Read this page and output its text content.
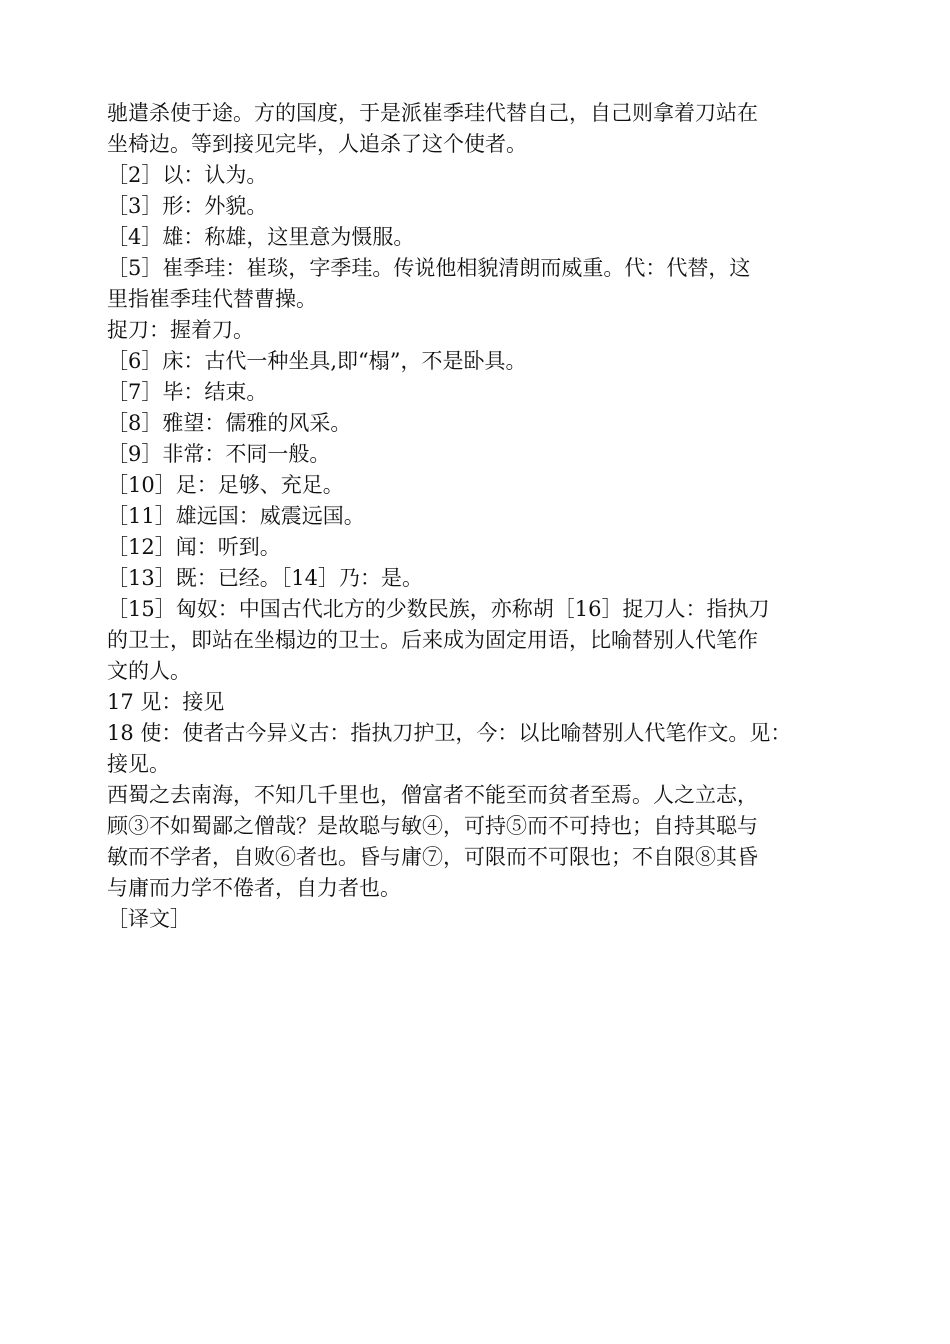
驰遣杀使于途。方的国度，于是派崔季珪代替自己，自己则拿着刀站在
坐椅边。等到接见完毕，人追杀了这个使者。
［2］以：认为。
［3］形：外貌。
［4］雄：称雄，这里意为慑服。
［5］崔季珪：崔琰，字季珪。传说他相貌清朗而威重。代：代替，这
里指崔季珪代替曹操。
捉刀：握着刀。
［6］床：古代一种坐具,即“榻”，不是卧具。
［7］毕：结束。
［8］雅望：儒雅的风采。
［9］非常：不同一般。
［10］足：足够、充足。
［11］雄远国：威震远国。
［12］闻：听到。
［13］既：已经。［14］乃：是。
［15］匈奴：中国古代北方的少数民族，亦称胡［16］捉刀人：指执刀
的卫士，即站在坐榻边的卫士。后来成为固定用语，比喻替别人代笔作
文的人。
17 见：接见
18 使：使者古今异义古：指执刀护卫，今：以比喻替别人代笔作文。见：
接见。
西蜀之去南海，不知几千里也，僧富者不能至而贫者至焉。人之立志，
顾③不如蜀鄙之僧哉？是故聪与敏④，可持⑤而不可持也；自持其聪与
敏而不学者，自败⑥者也。昏与庸⑦，可限而不可限也；不自限⑧其昏
与庸而力学不倦者，自力者也。
［译文］
